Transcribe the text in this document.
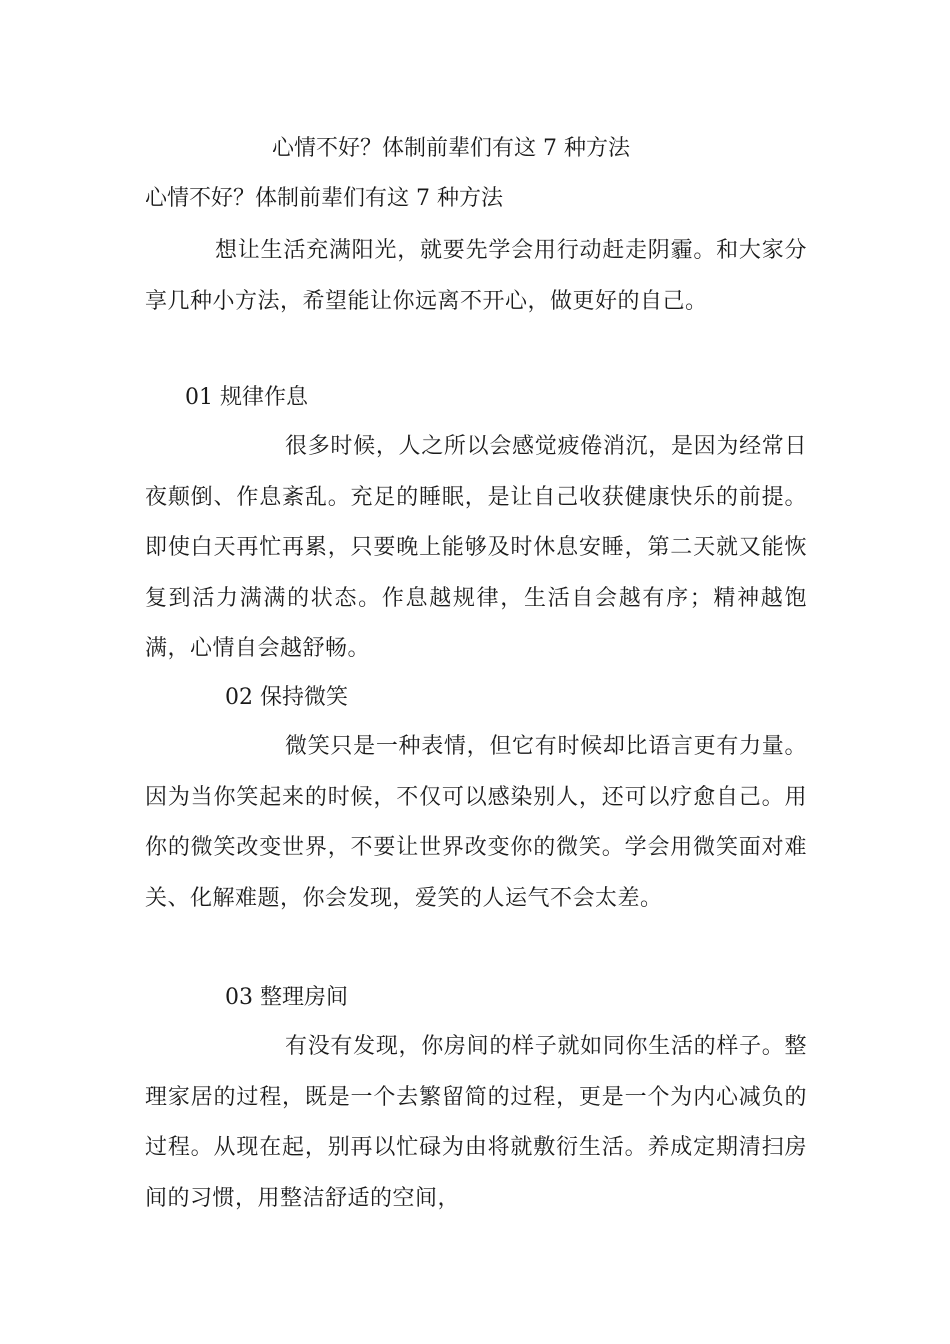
心情不好？体制前辈们有这 7 种方法
心情不好？体制前辈们有这 7 种方法

想让生活充满阳光，就要先学会用行动赶走阴霾。和大家分享几种小方法，希望能让你远离不开心，做更好的自己。

01 规律作息

很多时候，人之所以会感觉疲倦消沉，是因为经常日夜颠倒、作息紊乱。充足的睡眠，是让自己收获健康快乐的前提。即使白天再忙再累，只要晚上能够及时休息安睡，第二天就又能恢复到活力满满的状态。作息越规律，生活自会越有序；精神越饱满，心情自会越舒畅。

02 保持微笑

微笑只是一种表情，但它有时候却比语言更有力量。因为当你笑起来的时候，不仅可以感染别人，还可以疗愈自己。用你的微笑改变世界，不要让世界改变你的微笑。学会用微笑面对难关、化解难题，你会发现，爱笑的人运气不会太差。

03 整理房间

有没有发现，你房间的样子就如同你生活的样子。整理家居的过程，既是一个去繁留简的过程，更是一个为内心减负的过程。从现在起，别再以忙碌为由将就敷衍生活。养成定期清扫房间的习惯，用整洁舒适的空间，
